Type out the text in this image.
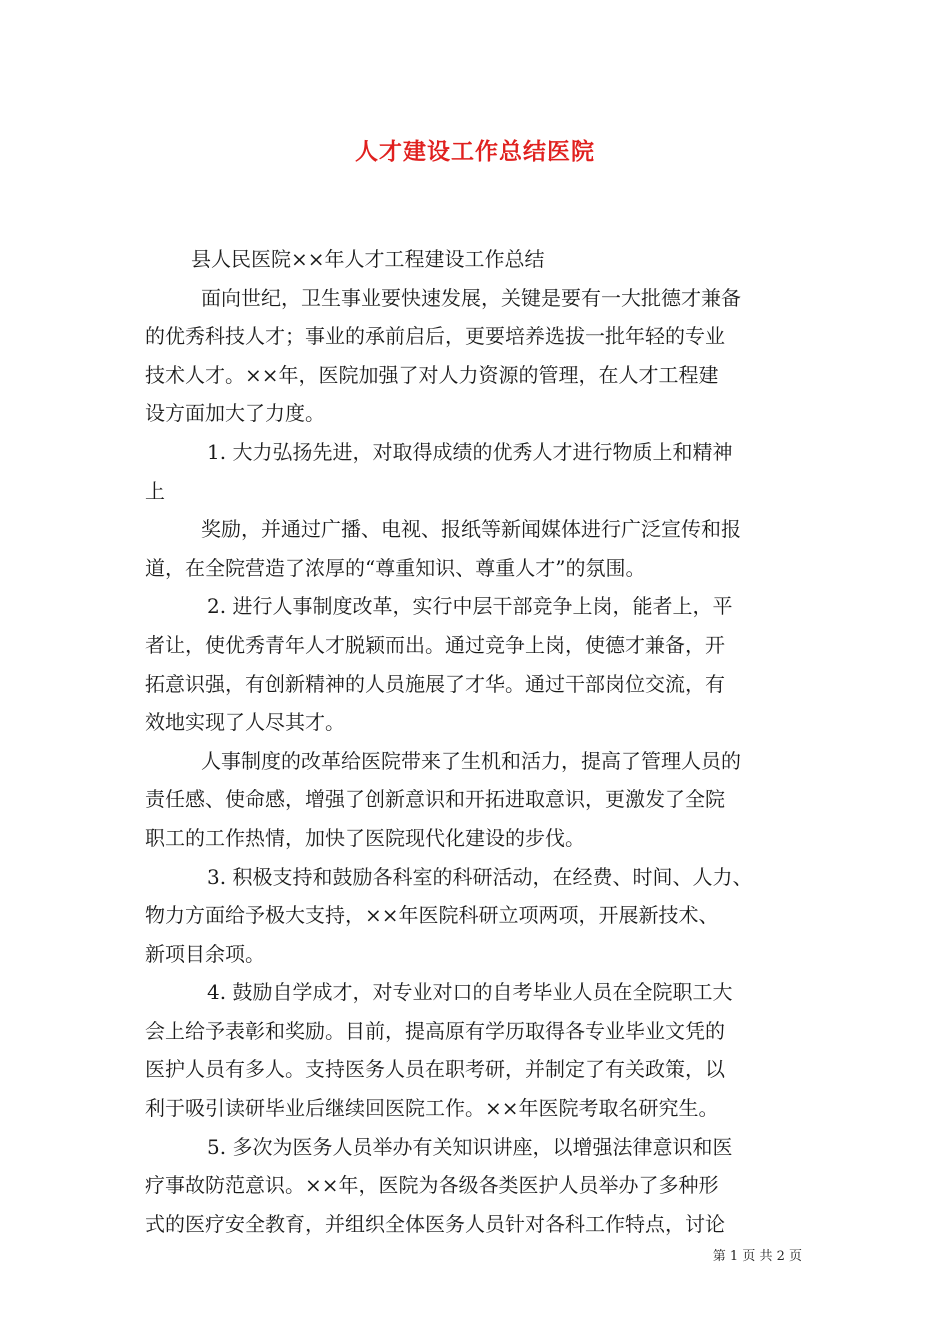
人才建设工作总结医院
县人民医院××年人才工程建设工作总结
面向世纪，卫生事业要快速发展，关键是要有一大批德才兼备
的优秀科技人才；事业的承前启后，更要培养选拔一批年轻的专业
技术人才。××年，医院加强了对人力资源的管理，在人才工程建
设方面加大了力度。
1. 大力弘扬先进，对取得成绩的优秀人才进行物质上和精神
上
奖励，并通过广播、电视、报纸等新闻媒体进行广泛宣传和报
道，在全院营造了浓厚的“尊重知识、尊重人才”的氛围。
2. 进行人事制度改革，实行中层干部竞争上岗，能者上，平
者让，使优秀青年人才脱颖而出。通过竞争上岗，使德才兼备，开
拓意识强，有创新精神的人员施展了才华。通过干部岗位交流，有
效地实现了人尽其才。
人事制度的改革给医院带来了生机和活力，提高了管理人员的
责任感、使命感，增强了创新意识和开拓进取意识，更激发了全院
职工的工作热情，加快了医院现代化建设的步伐。
3. 积极支持和鼓励各科室的科研活动，在经费、时间、人力、
物力方面给予极大支持，××年医院科研立项两项，开展新技术、
新项目余项。
4. 鼓励自学成才，对专业对口的自考毕业人员在全院职工大
会上给予表彰和奖励。目前，提高原有学历取得各专业毕业文凭的
医护人员有多人。支持医务人员在职考研，并制定了有关政策，以
利于吸引读研毕业后继续回医院工作。××年医院考取名研究生。
5. 多次为医务人员举办有关知识讲座，以增强法律意识和医
疗事故防范意识。××年，医院为各级各类医护人员举办了多种形
式的医疗安全教育，并组织全体医务人员针对各科工作特点，讨论
第 1 页 共 2 页
